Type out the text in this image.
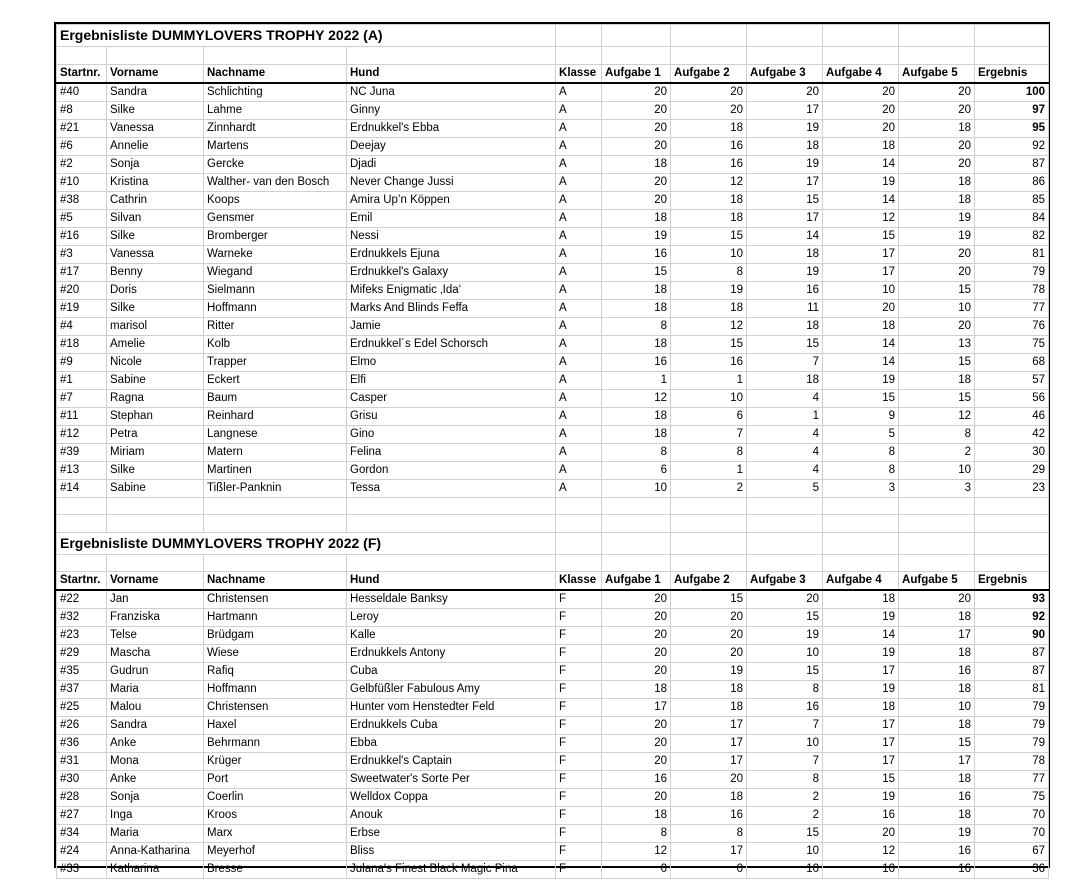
Ergebnisliste DUMMYLOVERS TROPHY 2022 (A)										

Startnr.	Vorname	Nachname	Hund	Klasse	Aufgabe 1	Aufgabe 2	Aufgabe 3	Aufgabe 4	Aufgabe 5	Ergebnis
#40	Sandra	Schlichting	NC Juna	A	20	20	20	20	20	100
#8	Silke	Lahme	Ginny	A	20	20	17	20	20	97
#21	Vanessa	Zinnhardt	Erdnukkel's Ebba	A	20	18	19	20	18	95
#6	Annelie	Martens	Deejay	A	20	16	18	18	20	92
#2	Sonja	Gercke	Djadi	A	18	16	19	14	20	87
#10	Kristina	Walther- van den Bosch	Never Change Jussi	A	20	12	17	19	18	86
#38	Cathrin	Koops	Amira Up’n Köppen	A	20	18	15	14	18	85
#5	Silvan	Gensmer	Emil	A	18	18	17	12	19	84
#16	Silke	Bromberger	Nessi	A	19	15	14	15	19	82
#3	Vanessa	Warneke	Erdnukkels Ejuna	A	16	10	18	17	20	81
#17	Benny	Wiegand	Erdnukkel's Galaxy	A	15	8	19	17	20	79
#20	Doris	Sielmann	Mifeks Enigmatic ‚Ida‘	A	18	19	16	10	15	78
#19	Silke	Hoffmann	Marks And Blinds Feffa	A	18	18	11	20	10	77
#4	marisol	Ritter	Jamie	A	8	12	18	18	20	76
#18	Amelie	Kolb	Erdnukkel´s Edel Schorsch	A	18	15	15	14	13	75
#9	Nicole	Trapper	Elmo	A	16	16	7	14	15	68
#1	Sabine	Eckert	Elfi	A	1	1	18	19	18	57
#7	Ragna	Baum	Casper	A	12	10	4	15	15	56
#11	Stephan	Reinhard	Grisu	A	18	6	1	9	12	46
#12	Petra	Langnese	Gino	A	18	7	4	5	8	42
#39	Miriam	Matern	Felina	A	8	8	4	8	2	30
#13	Silke	Martinen	Gordon	A	6	1	4	8	10	29
#14	Sabine	Tißler-Panknin	Tessa	A	10	2	5	3	3	23

Ergebnisliste DUMMYLOVERS TROPHY 2022 (F)										

Startnr.	Vorname	Nachname	Hund	Klasse	Aufgabe 1	Aufgabe 2	Aufgabe 3	Aufgabe 4	Aufgabe 5	Ergebnis
#22	Jan	Christensen	Hesseldale Banksy	F	20	15	20	18	20	93
#32	Franziska	Hartmann	Leroy	F	20	20	15	19	18	92
#23	Telse	Brüdgam	Kalle	F	20	20	19	14	17	90
#29	Mascha	Wiese	Erdnukkels Antony	F	20	20	10	19	18	87
#35	Gudrun	Rafiq	Cuba	F	20	19	15	17	16	87
#37	Maria	Hoffmann	Gelbfüßler Fabulous Amy	F	18	18	8	19	18	81
#25	Malou	Christensen	Hunter vom Henstedter Feld	F	17	18	16	18	10	79
#26	Sandra	Haxel	Erdnukkels Cuba	F	20	17	7	17	18	79
#36	Anke	Behrmann	Ebba	F	20	17	10	17	15	79
#31	Mona	Krüger	Erdnukkel's Captain	F	20	17	7	17	17	78
#30	Anke	Port	Sweetwater's Sorte Per	F	16	20	8	15	18	77
#28	Sonja	Coerlin	Welldox Coppa	F	20	18	2	19	16	75
#27	Inga	Kroos	Anouk	F	18	16	2	16	18	70
#34	Maria	Marx	Erbse	F	8	8	15	20	19	70
#24	Anna-Katharina	Meyerhof	Bliss	F	12	17	10	12	16	67
#33	Katharina	Bresse	Julana's Finest Black Magic Pina	F	0	0	10	10	16	36
